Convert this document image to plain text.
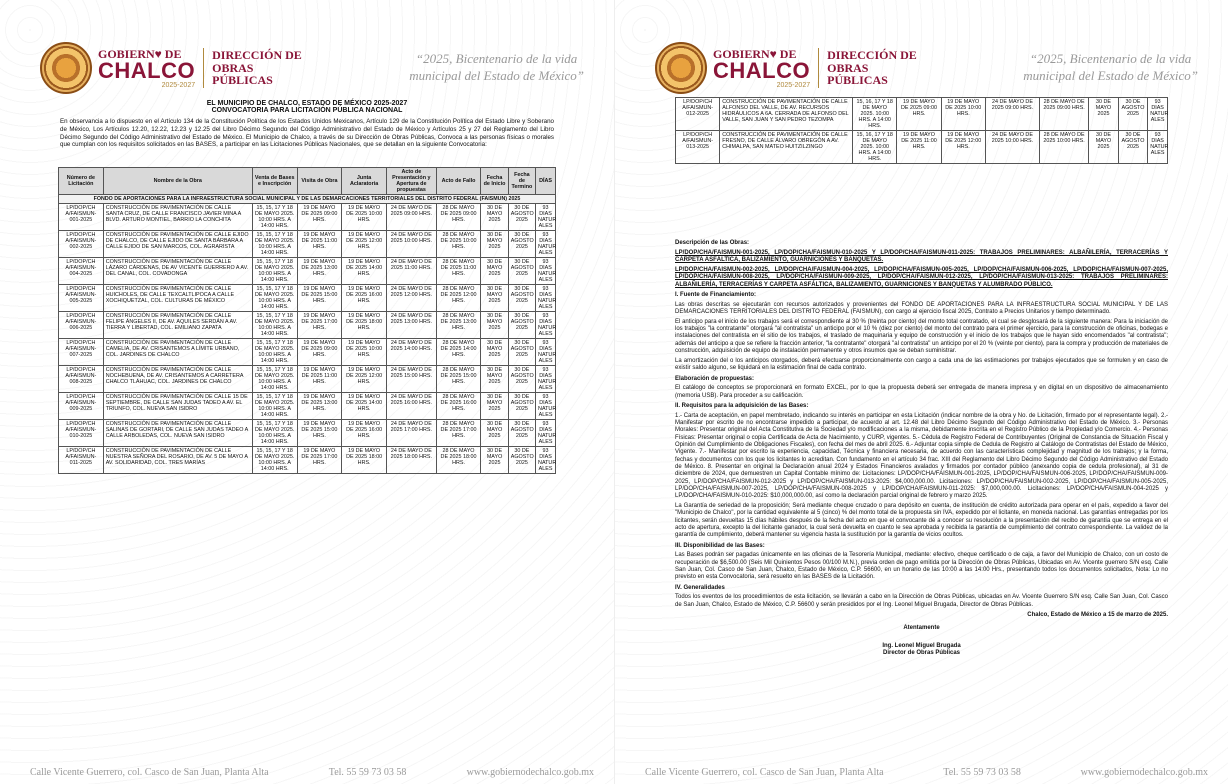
GOBIERN♥ DE
CHALCO
2025-2027
DIRECCIÓN DE
OBRAS
PÚBLICAS
“2025, Bicentenario de la vida
municipal del Estado de México”
EL MUNICIPIO DE CHALCO, ESTADO DE MÉXICO 2025-2027
CONVOCATORIA PARA LICITACIÓN PÚBLICA NACIONAL
En observancia a lo dispuesto en el Artículo 134 de la Constitución Política de los Estados Unidos Mexicanos, Artículo 129 de la Constitución Política del Estado Libre y Soberano de México, Los Artículos 12.20, 12.22, 12.23 y 12.25 del Libro Décimo Segundo del Código Administrativo del Estado de México y Artículos 25 y 27 del Reglamento del Libro Décimo Segundo del Código Administrativo del Estado de México. El Municipio de Chalco, a través de su Dirección de Obras Públicas, Convoca a las personas físicas o morales que cumplan con los requisitos solicitados en las BASES, a participar en las Licitaciones Públicas Nacionales, que se detallan en la siguiente Convocatoria:
Número de Licitación	Nombre de la Obra	Venta de Bases e Inscripción	Visita de Obra	Junta Aclaratoria	Acto de Presentación y Apertura de propuestas	Acto de Fallo	Fecha de Inicio	Fecha de Termino	DÍAS
FONDO DE APORTACIONES PARA LA INFRAESTRUCTURA SOCIAL MUNICIPAL Y DE LAS DEMARCACIONES TERRITORIALES DEL DISTRITO FEDERAL (FAISMUN) 2025									
LP/DOP/CH A/FAISMUN-001-2025	CONSTRUCCIÓN DE PAVIMENTACIÓN DE CALLE SANTA CRUZ, DE CALLE FRANCISCO JAVIER MINA A BLVD. ARTURO MONTIEL, BARRIO LA CONCHITA	15, 15, 17 Y 18 DE MAYO 2025. 10:00 HRS. A 14:00 HRS.	19 DE MAYO DE 2025 09:00 HRS.	19 DE MAYO DE 2025 10:00 HRS.	24 DE MAYO DE 2025 09:00 HRS.	28 DE MAYO DE 2025 09:00 HRS.	30 DE MAYO 2025	30 DE AGOSTO 2025	93 DIAS NATUR ALES
LP/DOP/CH A/FAISMUN-002-2025	CONSTRUCCIÓN DE PAVIMENTACIÓN DE CALLE EJIDO DE CHALCO, DE CALLE EJIDO DE SANTA BÁRBARA A CALLE EJIDO DE SAN MARCOS, COL. AGRARISTA	15, 15, 17 Y 18 DE MAYO 2025. 10:00 HRS. A 14:00 HRS.	19 DE MAYO DE 2025 11:00 HRS.	19 DE MAYO DE 2025 12:00 HRS.	24 DE MAYO DE 2025 10:00 HRS.	28 DE MAYO DE 2025 10:00 HRS.	30 DE MAYO 2025	30 DE AGOSTO 2025	93 DIAS NATUR ALES
LP/DOP/CH A/FAISMUN-004-2025	CONSTRUCCIÓN DE PAVIMENTACIÓN DE CALLE LÁZARO CÁRDENAS, DE AV VICENTE GUERRERO A AV. DEL CANAL, COL. COVADONGA	15, 15, 17 Y 18 DE MAYO 2025. 10:00 HRS. A 14:00 HRS.	19 DE MAYO DE 2025 13:00 HRS.	19 DE MAYO DE 2025 14:00 HRS.	24 DE MAYO DE 2025 11:00 HRS.	28 DE MAYO DE 2025 11:00 HRS.	30 DE MAYO 2025	30 DE AGOSTO 2025	93 DIAS NATUR ALES
LP/DOP/CH A/FAISMUN-005-2025	CONSTRUCCIÓN DE PAVIMENTACIÓN DE CALLE HUICHOLES, DE CALLE TEXCALTLIPOCA A CALLE XOCHIQUETZAL, COL. CULTURAS DE MÉXICO	15, 15, 17 Y 18 DE MAYO 2025. 10:00 HRS. A 14:00 HRS.	19 DE MAYO DE 2025 15:00 HRS.	19 DE MAYO DE 2025 16:00 HRS.	24 DE MAYO DE 2025 12:00 HRS.	28 DE MAYO DE 2025 12:00 HRS.	30 DE MAYO 2025	30 DE AGOSTO 2025	93 DIAS NATUR ALES
LP/DOP/CH A/FAISMUN-006-2025	CONSTRUCCIÓN DE PAVIMENTACIÓN DE CALLE FELIPE ÁNGELES II, DE AV. AQUILES SERDÁN A AV. TIERRA Y LIBERTAD, COL. EMILIANO ZAPATA	15, 15, 17 Y 18 DE MAYO 2025. 10:00 HRS. A 14:00 HRS.	19 DE MAYO DE 2025 17:00 HRS.	19 DE MAYO DE 2025 18:00 HRS.	24 DE MAYO DE 2025 13:00 HRS.	28 DE MAYO DE 2025 13:00 HRS.	30 DE MAYO 2025	30 DE AGOSTO 2025	93 DIAS NATUR ALES
LP/DOP/CH A/FAISMUN-007-2025	CONSTRUCCIÓN DE PAVIMENTACIÓN DE CALLE CAMELIA, DE AV. CRISANTEMOS A LÍMITE URBANO, COL. JARDINES DE CHALCO	15, 15, 17 Y 18 DE MAYO 2025. 10:00 HRS. A 14:00 HRS.	19 DE MAYO DE 2025 09:00 HRS.	19 DE MAYO DE 2025 10:00 HRS.	24 DE MAYO DE 2025 14:00 HRS.	28 DE MAYO DE 2025 14:00 HRS.	30 DE MAYO 2025	30 DE AGOSTO 2025	93 DIAS NATUR ALES
LP/DOP/CH A/FAISMUN-008-2025	CONSTRUCCIÓN DE PAVIMENTACIÓN DE CALLE NOCHEBUENA, DE AV. CRISANTEMOS A CARRETERA CHALCO TLÁHUAC, COL. JARDINES DE CHALCO	15, 15, 17 Y 18 DE MAYO 2025. 10:00 HRS. A 14:00 HRS.	19 DE MAYO DE 2025 11:00 HRS.	19 DE MAYO DE 2025 12:00 HRS.	24 DE MAYO DE 2025 15:00 HRS.	28 DE MAYO DE 2025 15:00 HRS.	30 DE MAYO 2025	30 DE AGOSTO 2025	93 DIAS NATUR ALES
LP/DOP/CH A/FAISMUN-009-2025	CONSTRUCCIÓN DE PAVIMENTACIÓN DE CALLE 15 DE SEPTIEMBRE, DE CALLE SAN JUDAS TADEO A AV. EL TRIUNFO, COL. NUEVA SAN ISIDRO	15, 15, 17 Y 18 DE MAYO 2025. 10:00 HRS. A 14:00 HRS.	19 DE MAYO DE 2025 13:00 HRS.	19 DE MAYO DE 2025 14:00 HRS.	24 DE MAYO DE 2025 16:00 HRS.	28 DE MAYO DE 2025 16:00 HRS.	30 DE MAYO 2025	30 DE AGOSTO 2025	93 DIAS NATUR ALES
LP/DOP/CH A/FAISMUN-010-2025	CONSTRUCCIÓN DE PAVIMENTACIÓN DE CALLE SALINAS DE GORTARI, DE CALLE SAN JUDAS TADEO A CALLE ARBOLEDAS, COL. NUEVA SAN ISIDRO	15, 15, 17 Y 18 DE MAYO 2025. 10:00 HRS. A 14:00 HRS.	19 DE MAYO DE 2025 15:00 HRS.	19 DE MAYO DE 2025 16:00 HRS.	24 DE MAYO DE 2025 17:00 HRS.	28 DE MAYO DE 2025 17:00 HRS.	30 DE MAYO 2025	30 DE AGOSTO 2025	93 DIAS NATUR ALES
LP/DOP/CH A/FAISMUN-011-2025	CONSTRUCCIÓN DE PAVIMENTACIÓN DE CALLE NUESTRA SEÑORA DEL ROSARIO, DE AV. 5 DE MAYO A AV. SOLIDARIDAD, COL. TRES MARÍAS	15, 15, 17 Y 18 DE MAYO 2025. 10:00 HRS. A 14:00 HRS.	19 DE MAYO DE 2025 17:00 HRS.	19 DE MAYO DE 2025 18:00 HRS.	24 DE MAYO DE 2025 18:00 HRS.	28 DE MAYO DE 2025 18:00 HRS.	30 DE MAYO 2025	30 DE AGOSTO 2025	93 DIAS NATUR ALES
Calle Vicente Guerrero, col. Casco de San Juan, Planta Alta	Tel. 55 59 73 03 58	www.gobiernodechalco.gob.mx
GOBIERN♥ DE
CHALCO
2025-2027
DIRECCIÓN DE
OBRAS
PÚBLICAS
“2025, Bicentenario de la vida
municipal del Estado de México”
LP/DOP/CH A/FAISMUN-012-2025	CONSTRUCCIÓN DE PAVIMENTACIÓN DE CALLE ALFONSO DEL VALLE, DE AV. RECURSOS HIDRÁULICOS A 6A. CERRADA DE ALFONSO DEL VALLE, SAN JUAN Y SAN PEDRO TEZOMPA	15, 16, 17 Y 18 DE MAYO 2025. 10:00 HRS. A 14:00 HRS.	19 DE MAYO DE 2025 09:00 HRS.	19 DE MAYO DE 2025 10:00 HRS.	24 DE MAYO DE 2025 09:00 HRS.	28 DE MAYO DE 2025 09:00 HRS.	30 DE MAYO 2025	30 DE AGOSTO 2025	93 DIAS NATUR ALES
LP/DOP/CH A/FAISMUN-013-2025	CONSTRUCCIÓN DE PAVIMENTACIÓN DE CALLE FRESNO, DE CALLE ÁLVARO OBREGÓN A AV. CHIMALPA, SAN MATEO HUITZILZINGO	15, 16, 17 Y 18 DE MAYO 2025. 10:00 HRS. A 14:00 HRS.	19 DE MAYO DE 2025 11:00 HRS.	19 DE MAYO DE 2025 12:00 HRS.	24 DE MAYO DE 2025 10:00 HRS.	28 DE MAYO DE 2025 10:00 HRS.	30 DE MAYO 2025	30 DE AGOSTO 2025	93 DIAS NATUR ALES

Descripción de las Obras:

LP/DOP/CHA/FAISMUN-001-2025, LP/DOP/CHA/FAISMUN-010-2025 Y LP/DOP/CHA/FAISMUN-011-2025: TRABAJOS PRELIMINARES: ALBAÑILERÍA, TERRACERÍAS Y CARPETA ASFÁLTICA, BALIZAMIENTO, GUARNICIONES Y BANQUETAS.

LP/DOP/CHA/FAISMUN-002-2025, LP/DOP/CHA/FAISMUN-004-2025, LP/DOP/CHA/FAISMUN-005-2025, LP/DOP/CHA/FAISMUN-006-2025, LP/DOP/CHA/FAISMUN-007-2025, LP/DOP/CHA/FAISMUN-008-2025, LP/DOP/CHA/FAISMUN-009-2025, LP/DOP/CHA/FAISMUN-012-2025, LP/DOP/CHA/FAISMUN-013-2025: TRABAJOS PRELIMINARES: ALBAÑILERÍA, TERRACERÍAS Y CARPETA ASFÁLTICA, BALIZAMIENTO, GUARNICIONES Y BANQUETAS Y ALUMBRADO PÚBLICO.

I. Fuente de Financiamiento:

Las obras descritas se ejecutarán con recursos autorizados y provenientes del FONDO DE APORTACIONES PARA LA INFRAESTRUCTURA SOCIAL MUNICIPAL Y DE LAS DEMARCACIONES TERRITORIALES DEL DISTRITO FEDERAL (FAISMUN), con cargo al ejercicio fiscal 2025, Contrato a Precios Unitarios y tiempo determinado.

El anticipo para el inicio de los trabajos será el correspondiente al 30 % (treinta por ciento) del monto total contratado, el cual se desglosará de la siguiente manera: Para la iniciación de los trabajos "la contratante" otorgará "al contratista" un anticipo por el 10 % (diez por ciento) del monto del contrato para el primer ejercicio, para la construcción de oficinas, bodegas e instalaciones del contratista en el sitio de los trabajos, el traslado de maquinaria y equipo de construcción y el inicio de los trabajos que le hayan sido encomendados "al contratista"; además del anticipo a que se refiere la fracción anterior, "la contratante" otorgará "al contratista" un anticipo por el 20 % (veinte por ciento), para la compra y producción de materiales de construcción, adquisición de equipo de instalación permanente y otros insumos que se deban suministrar.

La amortización del o los anticipos otorgados, deberá efectuarse proporcionalmente con cargo a cada una de las estimaciones por trabajos ejecutados que se formulen y en caso de existir saldo alguno, se liquidará en la estimación final de cada contrato.

Elaboración de propuestas:

El catálogo de conceptos se proporcionará en formato EXCEL, por lo que la propuesta deberá ser entregada de manera impresa y en digital en un dispositivo de almacenamiento (memoria USB). Para proceder a su calificación.

II. Requisitos para la adquisición de las Bases:

1.- Carta de aceptación, en papel membretado, indicando su interés en participar en esta Licitación (indicar nombre de la obra y No. de Licitación, firmado por el representante legal). 2.- Manifestar por escrito de no encontrarse impedido a participar, de acuerdo al art. 12.48 del Libro Décimo Segundo del Código Administrativo del Estado de México. 3.- Personas Morales: Presentar original del Acta Constitutiva de la Sociedad y/o modificaciones a la misma, debidamente inscrita en el Registro Público de la Propiedad y/o Comercio. 4.- Personas Físicas: Presentar original o copia Certificada de Acta de Nacimiento, y CURP, vigentes. 5.- Cédula de Registro Federal de Contribuyentes (Original de Constancia de Situación Fiscal y Opinión del Cumplimiento de Obligaciones Fiscales), con fecha del mes de abril 2025. 6.- Adjuntar copia simple de Cedula de Registro al Catálogo de Contratistas del Estado de México, Vigente. 7.- Manifestar por escrito la experiencia, capacidad, Técnica y financiera necesaria, de acuerdo con las características complejidad y magnitud de los trabajos; y la forma, fechas y documentos con los que los licitantes lo acreditan. Con fundamento en el artículo 34 frac. XIII del Reglamento del Libro Décimo Segundo del Código Administrativo del Estado de México. 8. Presentar en original la Declaración anual 2024 y Estados Financieros avalados y firmados por contador público (anexando copia de cedula profesional), al 31 de diciembre de 2024, que demuestren un Capital Contable mínimo de: Licitaciones: LP/DOP/CHA/FAISMUN-001-2025, LP/DOP/CHA/FAISMUN-006-2025, LP/DOP/CHA/FAISMUN-009-2025, LP/DOP/CHA/FAISMUN-012-2025 y LP/DOP/CHA/FAISMUN-013-2025: $4,000,000.00. Licitaciones: LP/DOP/CHA/FAISMUN-002-2025, LP/DOP/CHA/FAISMUN-005-2025, LP/DOP/CHA/FAISMUN-007-2025, LP/DOP/CHA/FAISMUN-008-2025 y LP/DOP/CHA/FAISMUN-011-2025: $7,000,000.00. Licitaciones: LP/DOP/CHA/FAISMUN-004-2025 y LP/DOP/CHA/FAISMUN-010-2025: $10,000,000.00, así como la declaración parcial original de febrero y marzo 2025.

La Garantía de seriedad de la proposición; Será mediante cheque cruzado o para depósito en cuenta, de institución de crédito autorizada para operar en el país, expedido a favor del "Municipio de Chalco", por la cantidad equivalente al 5 (cinco) % del monto total de la propuesta sin IVA, expedido por el licitante, en moneda nacional. Las garantías entregadas por los licitantes, serán devueltas 15 días hábiles después de la fecha del acto en que el convocante dé a conocer su resolución a la presentación del recibo de garantía que se entrega en el acto de apertura, excepto la del licitante ganador, la cual será devuelta en cuanto le sea aprobada y recibida la garantía de cumplimiento del contrato correspondiente. La validez de la garantía de cumplimiento, deberá mantener su vigencia hasta la sustitución por la garantía de vicios ocultos.

III. Disponibilidad de las Bases:

Las Bases podrán ser pagadas únicamente en las oficinas de la Tesorería Municipal, mediante: efectivo, cheque certificado o de caja, a favor del Municipio de Chalco, con un costo de recuperación de $6,500.00 (Seis Mil Quinientos Pesos 00/100 M.N.), previa orden de pago emitida por la Dirección de Obras Públicas, Ubicadas en Av. Vicente guerrero S/N esq. Calle San Juan, Col. Casco de San Juan, Chalco, Estado de México, C.P. 56600, en un horario de las 10:00 a las 14:00 Hrs., presentando todos los documentos solicitados, Nota: Lo no previsto en esta Convocatoria, será resuelto en las BASES de la Licitación.

IV. Generalidades

Todos los eventos de los procedimientos de esta licitación, se llevarán a cabo en la Dirección de Obras Públicas, ubicadas en Av. Vicente Guerrero S/N esq. Calle San Juan, Col. Casco de San Juan, Chalco, Estado de México, C.P. 56600 y serán presididos por el Ing. Leonel Miguel Brugada, Director de Obras Públicas.

Chalco, Estado de México a 15 de marzo de 2025.

Atentamente
Ing. Leonel Miguel Brugada
Director de Obras Públicas
Calle Vicente Guerrero, col. Casco de San Juan, Planta Alta	Tel. 55 59 73 03 58	www.gobiernodechalco.gob.mx
